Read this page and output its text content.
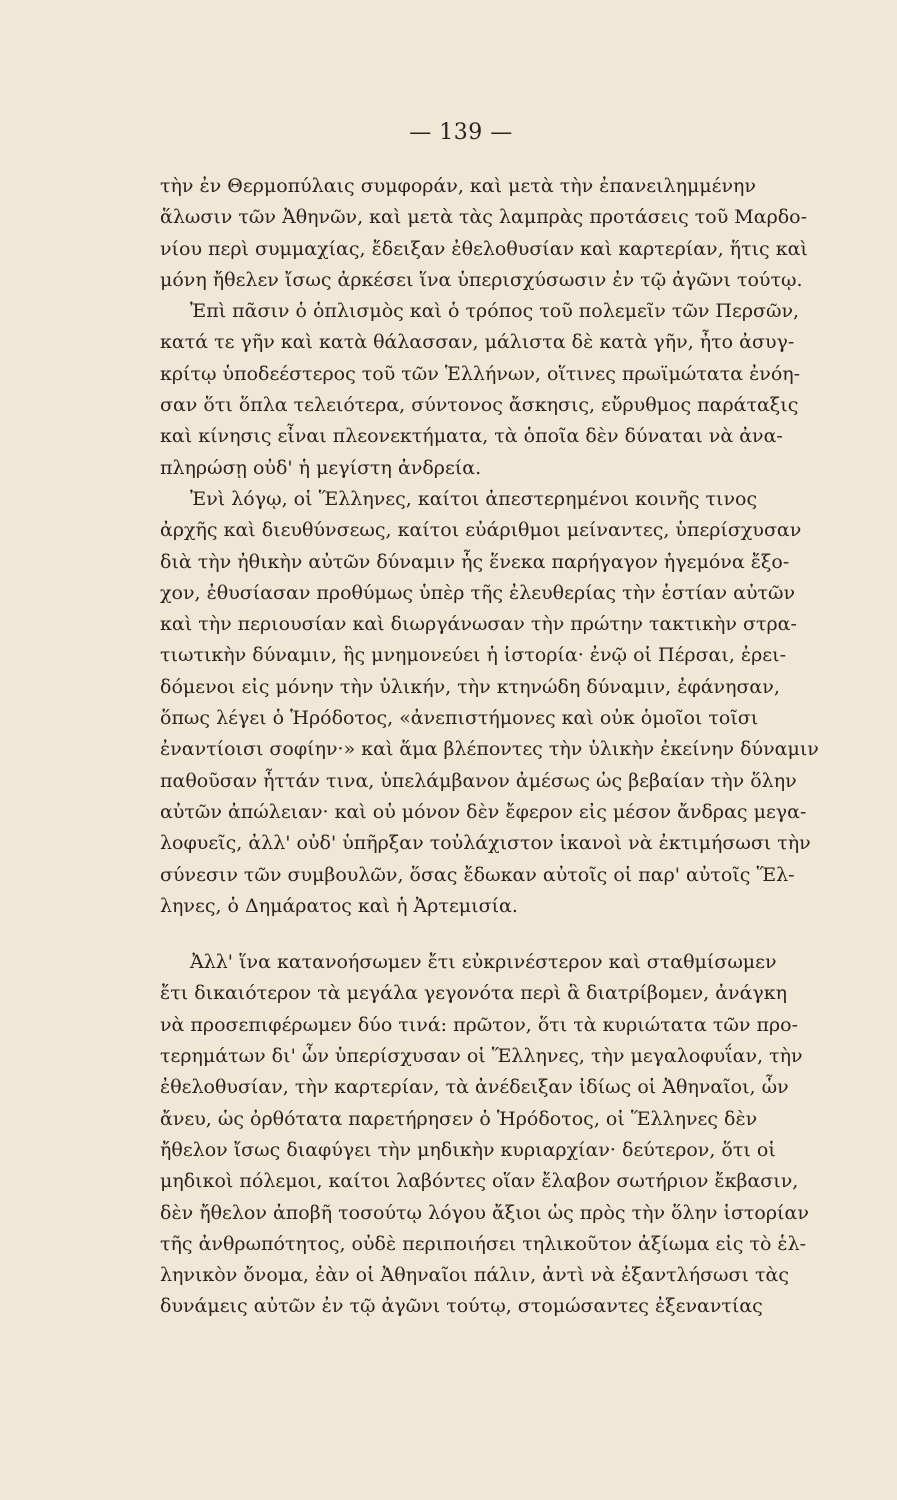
— 139 —

τὴν ἐν Θερμοπύλαις συμφοράν, καὶ μετὰ τὴν ἐπανειλημμένην
ἅλωσιν τῶν Ἀθηνῶν, καὶ μετὰ τὰς λαμπρὰς προτάσεις τοῦ Μαρδο-
νίου περὶ συμμαχίας, ἔδειξαν ἐθελοθυσίαν καὶ καρτερίαν, ἥτις καὶ
μόνη ἤθελεν ἴσως ἀρκέσει ἵνα ὑπερισχύσωσιν ἐν τῷ ἀγῶνι τούτῳ.

Ἐπὶ πᾶσιν ὁ ὁπλισμὸς καὶ ὁ τρόπος τοῦ πολεμεῖν τῶν Περσῶν,
κατά τε γῆν καὶ κατὰ θάλασσαν, μάλιστα δὲ κατὰ γῆν, ἦτο ἀσυγ-
κρίτῳ ὑποδεέστερος τοῦ τῶν Ἑλλήνων, οἵτινες πρωϊμώτατα ἐνόη-
σαν ὅτι ὅπλα τελειότερα, σύντονος ἄσκησις, εὔρυθμος παράταξις
καὶ κίνησις εἶναι πλεονεκτήματα, τὰ ὁποῖα δὲν δύναται νὰ ἀνα-
πληρώσῃ οὐδ' ἡ μεγίστη ἀνδρεία.

Ἐνὶ λόγῳ, οἱ Ἕλληνες, καίτοι ἀπεστερημένοι κοινῆς τινος
ἀρχῆς καὶ διευθύνσεως, καίτοι εὐάριθμοι μείναντες, ὑπερίσχυσαν
διὰ τὴν ἠθικὴν αὐτῶν δύναμιν ἧς ἕνεκα παρήγαγον ἡγεμόνα ἔξο-
χον, ἐθυσίασαν προθύμως ὑπὲρ τῆς ἐλευθερίας τὴν ἑστίαν αὐτῶν
καὶ τὴν περιουσίαν καὶ διωργάνωσαν τὴν πρώτην τακτικὴν στρα-
τιωτικὴν δύναμιν, ἣς μνημονεύει ἡ ἱστορία· ἐνῷ οἱ Πέρσαι, ἐρει-
δόμενοι εἰς μόνην τὴν ὑλικήν, τὴν κτηνώδη δύναμιν, ἐφάνησαν,
ὅπως λέγει ὁ Ἡρόδοτος, «ἀνεπιστήμονες καὶ οὐκ ὁμοῖοι τοῖσι
ἐναντίοισι σοφίην·» καὶ ἅμα βλέποντες τὴν ὑλικὴν ἐκείνην δύναμιν
παθοῦσαν ἧττάν τινα, ὑπελάμβανον ἀμέσως ὡς βεβαίαν τὴν ὅλην
αὐτῶν ἀπώλειαν· καὶ οὐ μόνον δὲν ἔφερον εἰς μέσον ἄνδρας μεγα-
λοφυεῖς, ἀλλ' οὐδ' ὑπῆρξαν τοὐλάχιστον ἱκανοὶ νὰ ἐκτιμήσωσι τὴν
σύνεσιν τῶν συμβουλῶν, ὅσας ἔδωκαν αὐτοῖς οἱ παρ' αὐτοῖς Ἕλ-
ληνες, ὁ Δημάρατος καὶ ἡ Ἀρτεμισία.

Ἀλλ' ἵνα κατανοήσωμεν ἔτι εὐκρινέστερον καὶ σταθμίσωμεν
ἔτι δικαιότερον τὰ μεγάλα γεγονότα περὶ ἃ διατρίβομεν, ἀνάγκη
νὰ προσεπιφέρωμεν δύο τινά: πρῶτον, ὅτι τὰ κυριώτατα τῶν προ-
τερημάτων δι' ὧν ὑπερίσχυσαν οἱ Ἕλληνες, τὴν μεγαλοφυΐαν, τὴν
ἐθελοθυσίαν, τὴν καρτερίαν, τὰ ἀνέδειξαν ἰδίως οἱ Ἀθηναῖοι, ὧν
ἄνευ, ὡς ὀρθότατα παρετήρησεν ὁ Ἡρόδοτος, οἱ Ἕλληνες δὲν
ἤθελον ἴσως διαφύγει τὴν μηδικὴν κυριαρχίαν· δεύτερον, ὅτι οἱ
μηδικοὶ πόλεμοι, καίτοι λαβόντες οἵαν ἔλαβον σωτήριον ἔκβασιν,
δὲν ἤθελον ἀποβῆ τοσούτῳ λόγου ἄξιοι ὡς πρὸς τὴν ὅλην ἱστορίαν
τῆς ἀνθρωπότητος, οὐδὲ περιποιήσει τηλικοῦτον ἀξίωμα εἰς τὸ ἑλ-
ληνικὸν ὄνομα, ἐὰν οἱ Ἀθηναῖοι πάλιν, ἀντὶ νὰ ἐξαντλήσωσι τὰς
δυνάμεις αὐτῶν ἐν τῷ ἀγῶνι τούτῳ, στομώσαντες ἐξεναντίας
